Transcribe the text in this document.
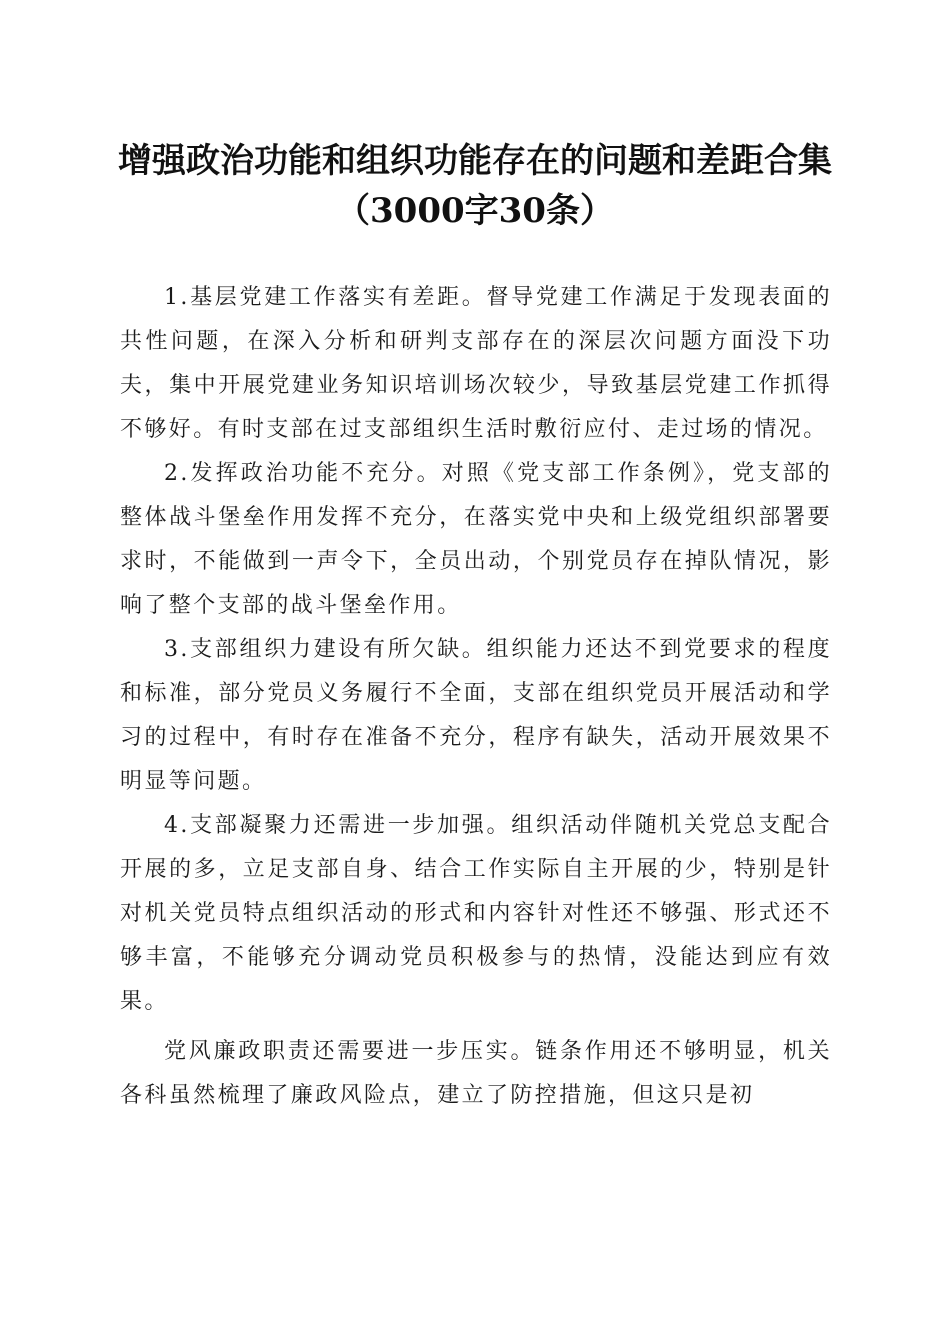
增强政治功能和组织功能存在的问题和差距合集（3000字30条）

1.基层党建工作落实有差距。督导党建工作满足于发现表面的共性问题，在深入分析和研判支部存在的深层次问题方面没下功夫，集中开展党建业务知识培训场次较少，导致基层党建工作抓得不够好。有时支部在过支部组织生活时敷衍应付、走过场的情况。

2.发挥政治功能不充分。对照《党支部工作条例》，党支部的整体战斗堡垒作用发挥不充分，在落实党中央和上级党组织部署要求时，不能做到一声令下，全员出动，个别党员存在掉队情况，影响了整个支部的战斗堡垒作用。

3.支部组织力建设有所欠缺。组织能力还达不到党要求的程度和标准，部分党员义务履行不全面，支部在组织党员开展活动和学习的过程中，有时存在准备不充分，程序有缺失，活动开展效果不明显等问题。

4.支部凝聚力还需进一步加强。组织活动伴随机关党总支配合开展的多，立足支部自身、结合工作实际自主开展的少，特别是针对机关党员特点组织活动的形式和内容针对性还不够强、形式还不够丰富，不能够充分调动党员积极参与的热情，没能达到应有效果。

党风廉政职责还需要进一步压实。链条作用还不够明显，机关各科虽然梳理了廉政风险点，建立了防控措施，但这只是初
